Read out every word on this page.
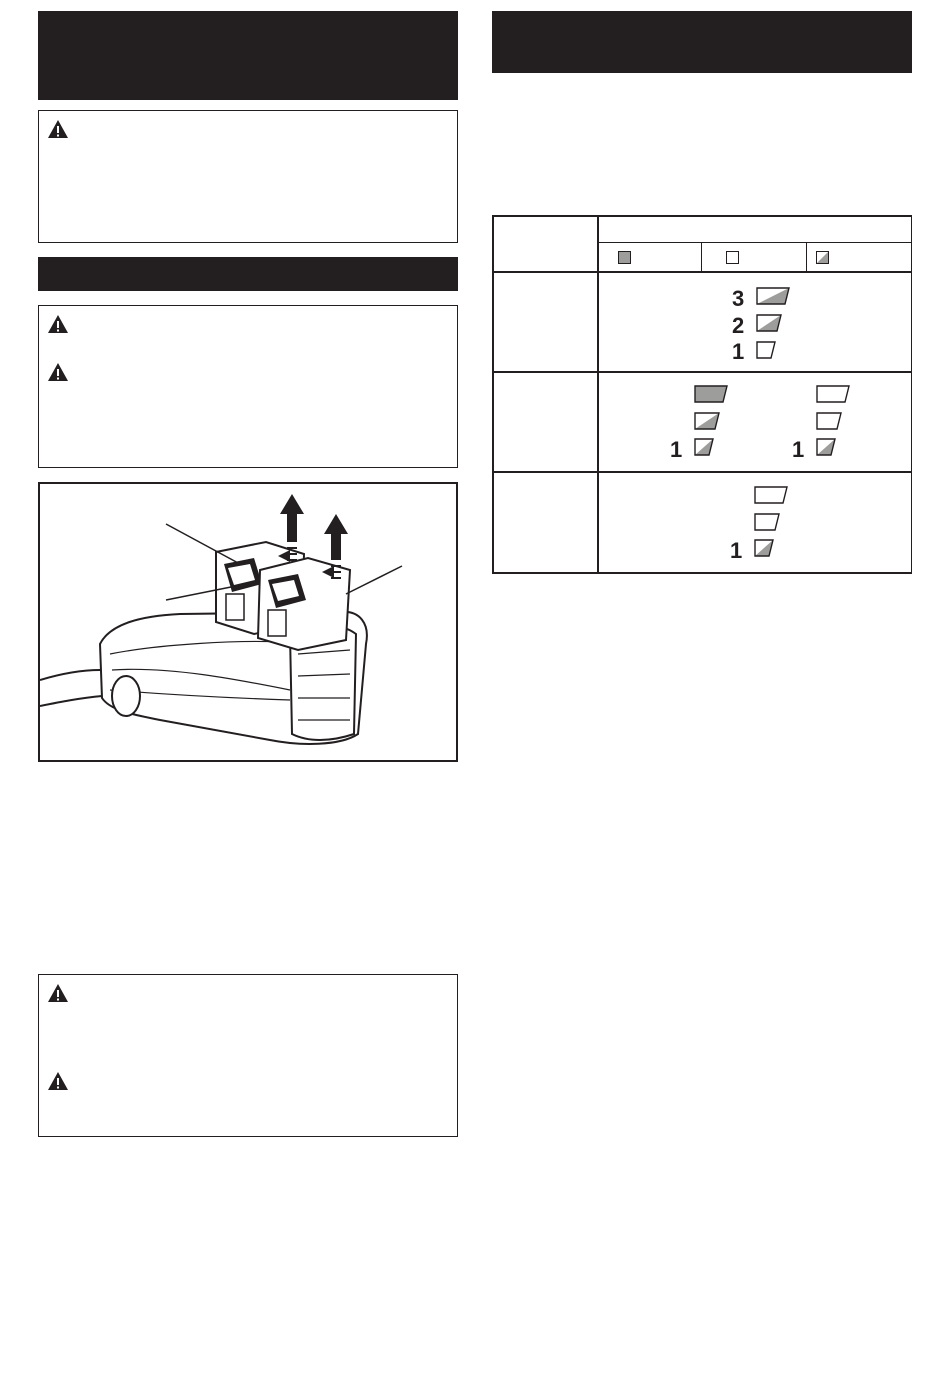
3
2
1
1	1
1
